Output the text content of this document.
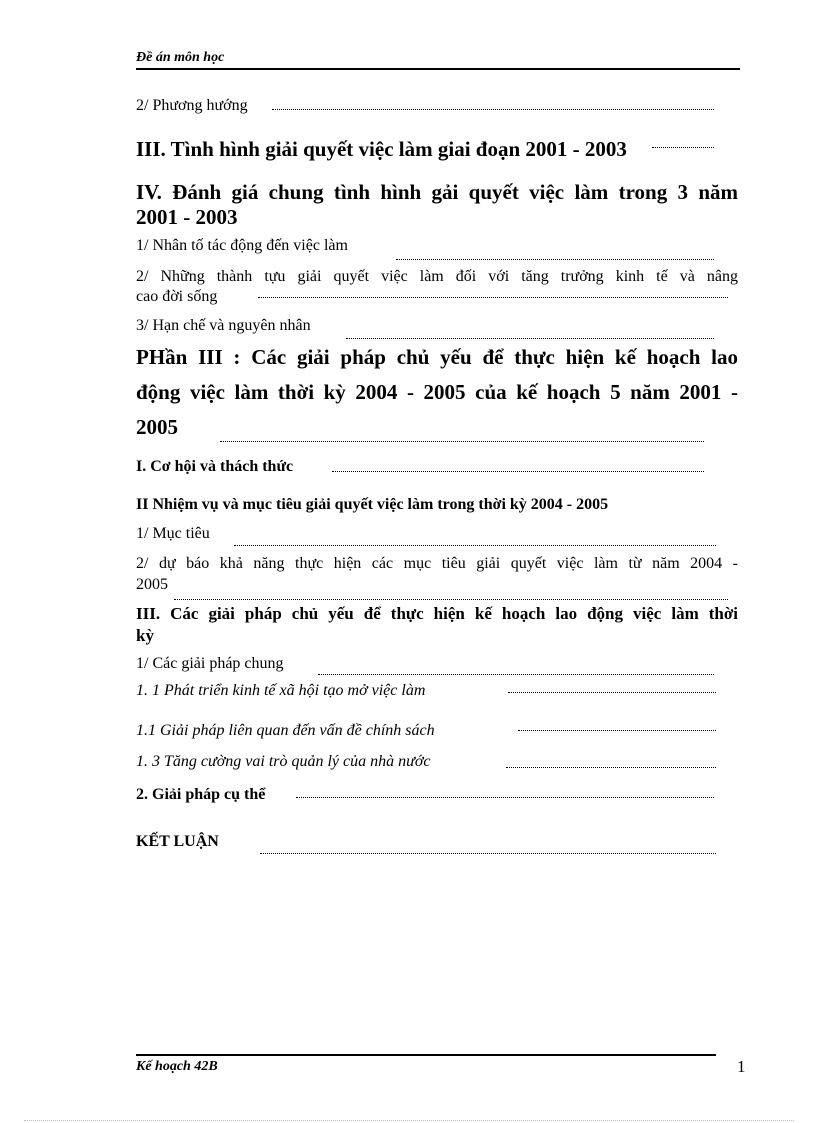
Đề án môn học
2/ Phương hướng
III. Tình hình giải quyết việc làm giai đoạn 2001 - 2003
IV. Đánh giá chung tình hình gải quyết việc làm trong 3 năm
2001 - 2003
1/ Nhân tố tác động đến việc làm
2/ Những thành tựu giải quyết việc làm đối với tăng trưởng kinh tế và nâng
cao đời sống
3/ Hạn chế và nguyên nhân
PHần III : Các giải pháp chủ yếu để thực hiện kế hoạch lao
động việc làm thời kỳ 2004 - 2005 của kế hoạch 5 năm 2001 -
2005
I. Cơ hội và thách thức
II Nhiệm vụ và mục tiêu giải quyết việc làm trong thời kỳ 2004 - 2005
1/ Mục tiêu
2/ dự báo khả năng thực hiện các mục tiêu giải quyết việc làm từ năm 2004 -
2005
III. Các giải pháp chủ yếu để thực hiện kế hoạch lao động việc làm thời
kỳ
1/ Các giải pháp chung
1. 1 Phát triển kinh tế xã hội tạo mở việc làm
1.1 Giải pháp liên quan đến vấn đề chính sách
1. 3 Tăng cường vai trò quản lý của nhà nước
2. Giải pháp cụ thể
KẾT LUẬN
Kế hoạch 42B	1
